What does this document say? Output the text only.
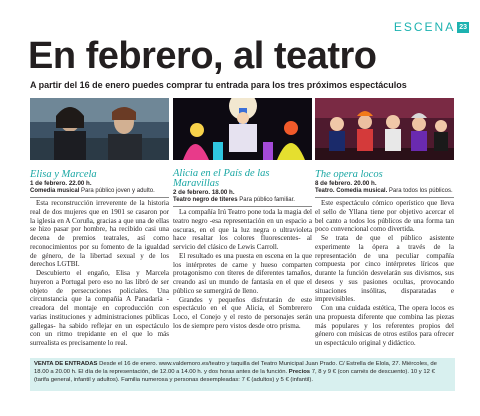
ESCENA 23
En febrero, al teatro
A partir del 16 de enero puedes comprar tu entrada para los tres próximos espectáculos
Elisa y Marcela
1 de febrero. 22.00 h.
Comedia musical Para público joven y adulto.

Esta reconstrucción irreverente de la historia real de dos mujeres que en 1901 se casaron por la iglesia en A Coruña, gracias a que una de ellas se hizo pasar por hombre, ha recibido casi una decena de premios teatrales, así como reconocimientos por su fomento de la igualdad de género, de la libertad sexual y de los derechos LGTBI.

Descubierto el engaño, Elisa y Marcela huyeron a Portugal pero eso no las libró de ser objeto de persecuciones policiales. Una circunstancia que la compañía A Panadaría -creadora del montaje en coproducción con varias instituciones y administraciones públicas gallegas- ha sabido reflejar en un espectáculo con un ritmo trepidante en el que lo más surrealista es precisamente lo real.

Alicia en el País de las Maravillas
2 de febrero. 18.00 h.
Teatro negro de títeres Para público familiar.

La compañía Irú Teatro pone toda la magia del teatro negro -esa representación en un espacio a oscuras, en el que la luz negra o ultravioleta hace resaltar los colores fluorescentes- al servicio del clásico de Lewis Carroll.

El resultado es una puesta en escena en la que los intérpretes de carne y hueso comparten protagonismo con títeres de diferentes tamaños, creando así un mundo de fantasía en el que el público se sumergirá de lleno.

Grandes y pequeños disfrutarán de este espectáculo en el que Alicia, el Sombrerero Loco, el Conejo y el resto de personajes serán los de siempre pero vistos desde otro prisma.

The opera locos
8 de febrero. 20.00 h.
Teatro. Comedia musical. Para todos los públicos.

Este espectáculo cómico operístico que lleva el sello de Yllana tiene por objetivo acercar el bel canto a todos los públicos de una forma tan poco convencional como divertida.

Se trata de que el público asistente experimente la ópera a través de la representación de una peculiar compañía compuesta por cinco intérpretes líricos que durante la función desvelarán sus divismos, sus deseos y sus pasiones ocultas, provocando situaciones insólitas, disparatadas e imprevisibles.

Con una cuidada estética, The opera locos es una propuesta diferente que combina las piezas más populares y los referentes propios del género con músicas de otros estilos para ofrecer un espectáculo original y didáctico.

VENTA DE ENTRADAS Desde el 16 de enero. www.valdemoro.es/teatro y taquilla del Teatro Municipal Juan Prado. C/ Estrella de Elola, 27. Miércoles, de 18.00 a 20.00 h. El día de la representación, de 12.00 a 14.00 h. y dos horas antes de la función. Precios 7, 8 y 9 € (con carnés de descuento). 10 y 12 € (tarifa general, infantil y adultos). Familia numerosa y personas desempleadas: 7 € (adultos) y 5 € (infantil).
